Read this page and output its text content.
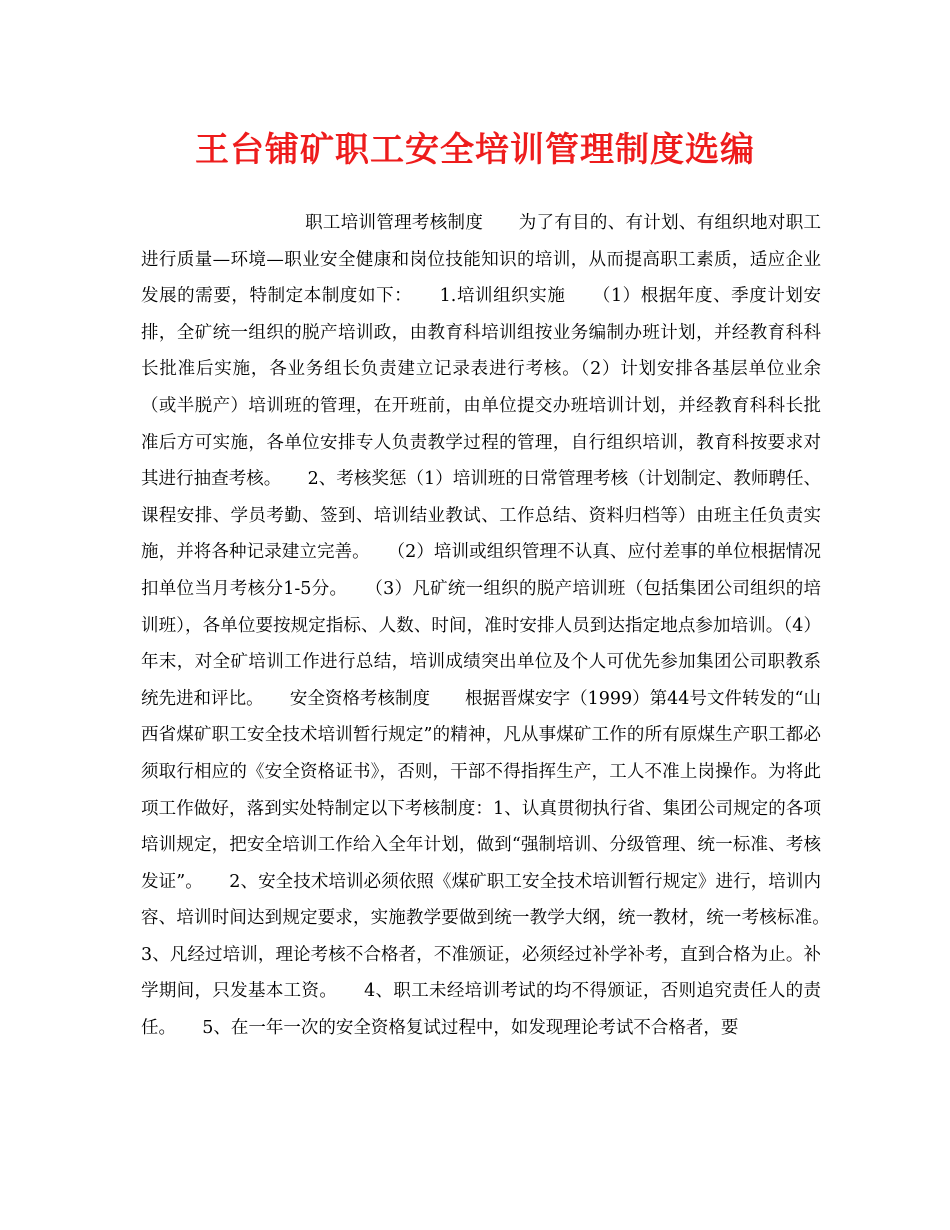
王台铺矿职工安全培训管理制度选编
职工培训管理考核制度　　为了有目的、有计划、有组织地对职工进行质量—环境—职业安全健康和岗位技能知识的培训，从而提高职工素质，适应企业发展的需要，特制定本制度如下：　　1.培训组织实施　　（1）根据年度、季度计划安排，全矿统一组织的脱产培训政，由教育科培训组按业务编制办班计划，并经教育科科长批准后实施，各业务组长负责建立记录表进行考核。（2）计划安排各基层单位业余（或半脱产）培训班的管理，在开班前，由单位提交办班培训计划，并经教育科科长批准后方可实施，各单位安排专人负责教学过程的管理，自行组织培训，教育科按要求对其进行抽查考核。　　2、考核奖惩（1）培训班的日常管理考核（计划制定、教师聘任、课程安排、学员考勤、签到、培训结业教试、工作总结、资料归档等）由班主任负责实施，并将各种记录建立完善。　　（2）培训或组织管理不认真、应付差事的单位根据情况扣单位当月考核分1-5分。　　（3）凡矿统一组织的脱产培训班（包括集团公司组织的培训班），各单位要按规定指标、人数、时间，准时安排人员到达指定地点参加培训。（4）年末，对全矿培训工作进行总结，培训成绩突出单位及个人可优先参加集团公司职教系统先进和评比。　　安全资格考核制度　　根据晋煤安字（1999）第44号文件转发的“山西省煤矿职工安全技术培训暂行规定”的精神，凡从事煤矿工作的所有原煤生产职工都必须取行相应的《安全资格证书》，否则，干部不得指挥生产，工人不准上岗操作。为将此项工作做好，落到实处特制定以下考核制度：1、认真贯彻执行省、集团公司规定的各项培训规定，把安全培训工作给入全年计划，做到“强制培训、分级管理、统一标准、考核发证”。　　2、安全技术培训必须依照《煤矿职工安全技术培训暂行规定》进行，培训内容、培训时间达到规定要求，实施教学要做到统一教学大纲，统一教材，统一考核标准。　　3、凡经过培训，理论考核不合格者，不准颁证，必须经过补学补考，直到合格为止。补学期间，只发基本工资。　　4、职工未经培训考试的均不得颁证，否则追究责任人的责任。　　5、在一年一次的安全资格复试过程中，如发现理论考试不合格者，要
